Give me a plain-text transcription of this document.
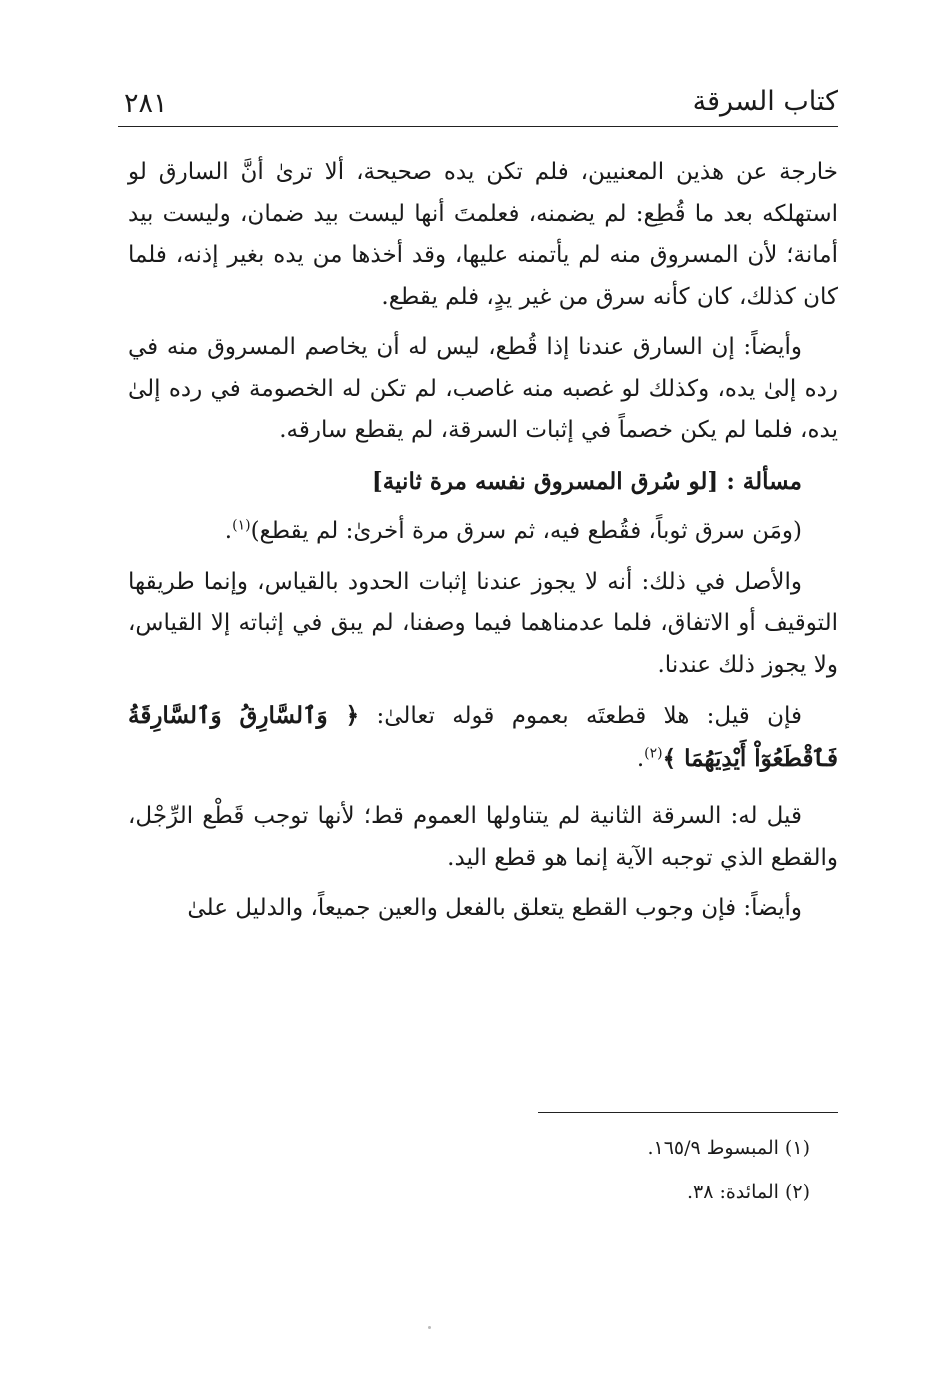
كتاب السرقة
٢٨١

خارجة عن هذين المعنيين، فلم تكن يده صحيحة، ألا ترىٰ أنَّ السارق لو استهلكه بعد ما قُطِع: لم يضمنه، فعلمتَ أنها ليست بيد ضمان، وليست بيد أمانة؛ لأن المسروق منه لم يأتمنه عليها، وقد أخذها من يده بغير إذنه، فلما كان كذلك، كان كأنه سرق من غير يدٍ، فلم يقطع.

وأيضاً: إن السارق عندنا إذا قُطع، ليس له أن يخاصم المسروق منه في رده إلىٰ يده، وكذلك لو غصبه منه غاصب، لم تكن له الخصومة في رده إلىٰ يده، فلما لم يكن خصماً في إثبات السرقة، لم يقطع سارقه.

مسألة : [لو سُرق المسروق نفسه مرة ثانية]

(ومَن سرق ثوباً، فقُطع فيه، ثم سرق مرة أخرىٰ: لم يقطع)$^{(١)}$.

والأصل في ذلك: أنه لا يجوز عندنا إثبات الحدود بالقياس، وإنما طريقها التوقيف أو الاتفاق، فلما عدمناهما فيما وصفنا، لم يبق في إثباته إلا القياس، ولا يجوز ذلك عندنا.

فإن قيل: هلا قطعتَه بعموم قوله تعالىٰ: ﴿ وَٱلسَّارِقُ وَٱلسَّارِقَةُ فَٱقْطَعُوٓاْ أَيْدِيَهُمَا ﴾$^{(٢)}$.

قيل له: السرقة الثانية لم يتناولها العموم قط؛ لأنها توجب قَطْع الرِّجْل، والقطع الذي توجبه الآية إنما هو قطع اليد.

وأيضاً: فإن وجوب القطع يتعلق بالفعل والعين جميعاً، والدليل علىٰ

(١) المبسوط ١٦٥/٩.

(٢) المائدة: ٣٨.
